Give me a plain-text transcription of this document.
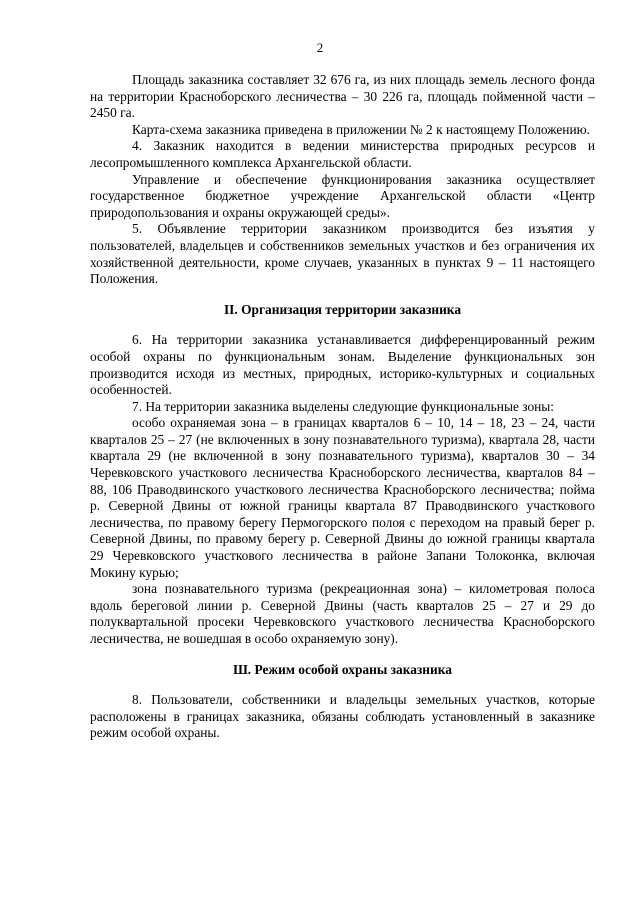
2

Площадь заказника составляет 32 676 га, из них площадь земель лесного фонда на территории Красноборского лесничества – 30 226 га, площадь пойменной части – 2450 га.

Карта-схема заказника приведена в приложении № 2 к настоящему Положению.

4. Заказник находится в ведении министерства природных ресурсов и лесопромышленного комплекса Архангельской области.

Управление и обеспечение функционирования заказника осуществляет государственное бюджетное учреждение Архангельской области «Центр природопользования и охраны окружающей среды».

5. Объявление территории заказником производится без изъятия у пользователей, владельцев и собственников земельных участков и без ограничения их хозяйственной деятельности, кроме случаев, указанных в пунктах 9 – 11 настоящего Положения.

II. Организация территории заказника

6. На территории заказника устанавливается дифференцированный режим особой охраны по функциональным зонам. Выделение функциональных зон производится исходя из местных, природных, историко-культурных и социальных особенностей.

7. На территории заказника выделены следующие функциональные зоны:

особо охраняемая зона – в границах кварталов 6 – 10, 14 – 18, 23 – 24, части кварталов 25 – 27 (не включенных в зону познавательного туризма), квартала 28, части квартала 29 (не включенной в зону познавательного туризма), кварталов 30 – 34 Черевковского участкового лесничества Красноборского лесничества, кварталов 84 – 88, 106 Праводвинского участкового лесничества Красноборского лесничества; пойма р. Северной Двины от южной границы квартала 87 Праводвинского участкового лесничества, по правому берегу Пермогорского полоя с переходом на правый берег р. Северной Двины, по правому берегу р. Северной Двины до южной границы квартала 29 Черевковского участкового лесничества в районе Запани Толоконка, включая Мокину курью;

зона познавательного туризма (рекреационная зона) – километровая полоса вдоль береговой линии р. Северной Двины (часть кварталов 25 – 27 и 29 до полуквартальной просеки Черевковского участкового лесничества Красноборского лесничества, не вошедшая в особо охраняемую зону).

Ш. Режим особой охраны заказника

8. Пользователи, собственники и владельцы земельных участков, которые расположены в границах заказника, обязаны соблюдать установленный в заказнике режим особой охраны.
